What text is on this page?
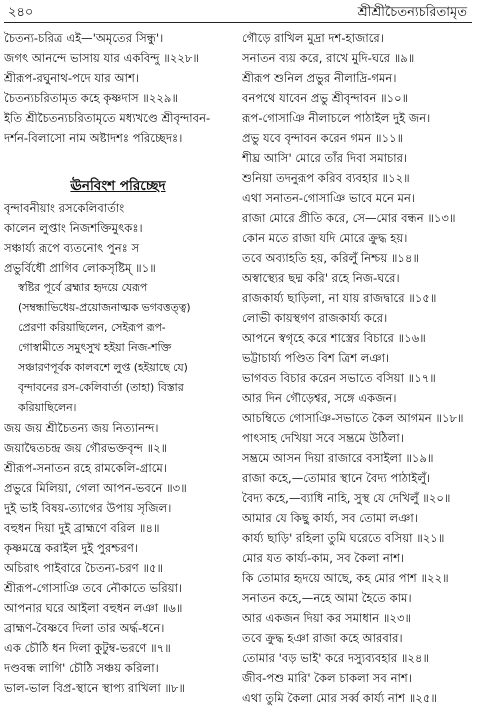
২৪০	শ্রীশ্রীচৈতন্যচরিতামৃত
চৈতন্য-চরিত্র এই—'অমৃতের সিন্ধু'।
জগৎ আনন্দে ভাসায় যার একবিন্দু ॥২২৮॥
শ্রীরূপ-রঘুনাথ-পদে যার আশ।
চৈতন্যচরিতামৃত কহে কৃষ্ণদাস ॥২২৯॥
ইতি শ্রীচৈতন্যচরিতামৃতে মধ্যখণ্ডে শ্রীবৃন্দাবন-
দর্শন-বিলাসো নাম অষ্টাদশঃ পরিচ্ছেদঃ।
ঊনবিংশ পরিচ্ছেদ
বৃন্দাবনীয়াং রসকেলিবার্তাং
কালেন লুপ্তাং নিজশক্তিমুৎকঃ।
সঞ্চার্য্য রূপে ব্যতনোৎ পুনঃ স
প্রভুর্বিধৌ প্রাগিব লোকসৃষ্টিম্ ॥১॥
স্বষ্টির পূর্বে ব্রহ্মার হৃদয়ে যেরূপ
(সম্বন্ধাভিধেয়-প্রয়োজনাত্মক ভগবত্তত্ত্ব)
প্রেরণা করিয়াছিলেন, সেইরূপ রূপ-
গোস্বামীতে সমুৎসুখ হইয়া নিজ-শক্তি
সঞ্চারণপূর্বক কালবশে লুপ্ত (হইয়াছে যে)
বৃন্দাবনের রস-কেলিবার্তা (তাহা) বিস্তার
করিয়াছিলেন।
জয় জয় শ্রীচৈতন্য জয় নিত্যানন্দ।
জয়াদ্বৈতচন্দ্র জয় গৌরভক্তবৃন্দ ॥২॥
শ্রীরূপ-সনাতন রহে রামকেলি-গ্রামে।
প্রভুরে মিলিয়া, গেলা আপন-ভবনে ॥৩॥
দুই ভাই বিষয়-ত্যাগের উপায় সৃজিল।
বহুধন দিয়া দুই ব্রাহ্মণে বরিল ॥৪॥
কৃষ্ণমন্ত্রে করাইল দুই পুরশ্চরণ।
অচিরাৎ পাইবারে চৈতন্য-চরণ ॥৫॥
শ্রীরূপ-গোসাঞি তবে নৌকাতে ভরিয়া।
আপনার ঘরে আইলা বহুধন লঞা ॥৬॥
ব্রাহ্মণ-বৈষ্ণবে দিলা তার অর্দ্ধ-ধনে।
এক চৌঠি ধন দিলা কুটুম্ব-ভরণে ॥৭॥
দণ্ডবন্ধ লাগি' চৌঠি সঞ্চয় করিলা।
ভাল-ভাল বিপ্র-স্থানে স্থাপ্য রাখিলা ॥৮॥
গৌড়ে রাখিল মুদ্রা দশ-হাজারে।
সনাতন ব্যয় করে, রাখে মুদি-ঘরে ॥৯॥
শ্রীরূপ শুনিল প্রভুর নীলাদ্রি-গমন।
বনপথে যাবেন প্রভু শ্রীবৃন্দাবন ॥১০॥
রূপ-গোসাঞি নীলাচলে পাঠাইল দুই জন।
প্রভু যবে বৃন্দাবন করেন গমন ॥১১॥
শীঘ্র আসি' মোরে তাঁর দিবা সমাচার।
শুনিয়া তদনুরূপ করিব ব্যবহার ॥১২॥
এথা সনাতন-গোসাঞি ভাবে মনে মন।
রাজা মোরে প্রীতি করে, সে—মোর বন্ধন ॥১৩॥
কোন মতে রাজা যদি মোরে ক্রুদ্ধ হয়।
তবে অব্যাহতি হয়, করিলুঁ নিশ্চয় ॥১৪॥
অস্বাস্থ্যের ছদ্ম করি' রহে নিজ-ঘরে।
রাজকার্য্য ছাড়িলা, না যায় রাজদ্বারে ॥১৫॥
লোভী কায়স্থগণ রাজকার্য্য করে।
আপনে স্বগৃহে করে শাস্ত্রের বিচারে ॥১৬॥
ভট্টাচার্য্য পণ্ডিত বিশ ত্রিশ লঞা।
ভাগবত বিচার করেন সভাতে বসিয়া ॥১৭॥
আর দিন গৌড়েশ্বর, সঙ্গে একজন।
আচম্বিতে গোসাঞি-সভাতে কৈল আগমন ॥১৮॥
পাৎসাহ দেখিয়া সবে সম্ভ্রমে উঠিলা।
সম্ভ্রমে আসন দিয়া রাজারে বসাইলা ॥১৯॥
রাজা কহে,—তোমার স্থানে বৈদ্য পাঠাইলুঁ।
বৈদ্য কহে,—ব্যাধি নাহি, সুস্থ যে দেখিলুঁ ॥২০॥
আমার যে কিছু কার্য্য, সব তোমা লঞা।
কার্য্য ছাড়ি' রহিলা তুমি ঘরেতে বসিয়া ॥২১॥
মোর যত কার্য্য-কাম, সব কৈলা নাশ।
কি তোমার হৃদয়ে আছে, কহ মোর পাশ ॥২২॥
সনাতন কহে,—নহে আমা হৈতে কাম।
আর একজন দিয়া কর সমাধান ॥২৩॥
তবে ক্রুদ্ধ হঞা রাজা কহে আরবার।
তোমার 'বড় ভাই' করে দস্যুব্যবহার ॥২৪॥
জীব-পশু মারি' কৈল চাকলা সব নাশ।
এথা তুমি কৈলা মোর সর্ব্ব কার্য্য নাশ ॥২৫॥
